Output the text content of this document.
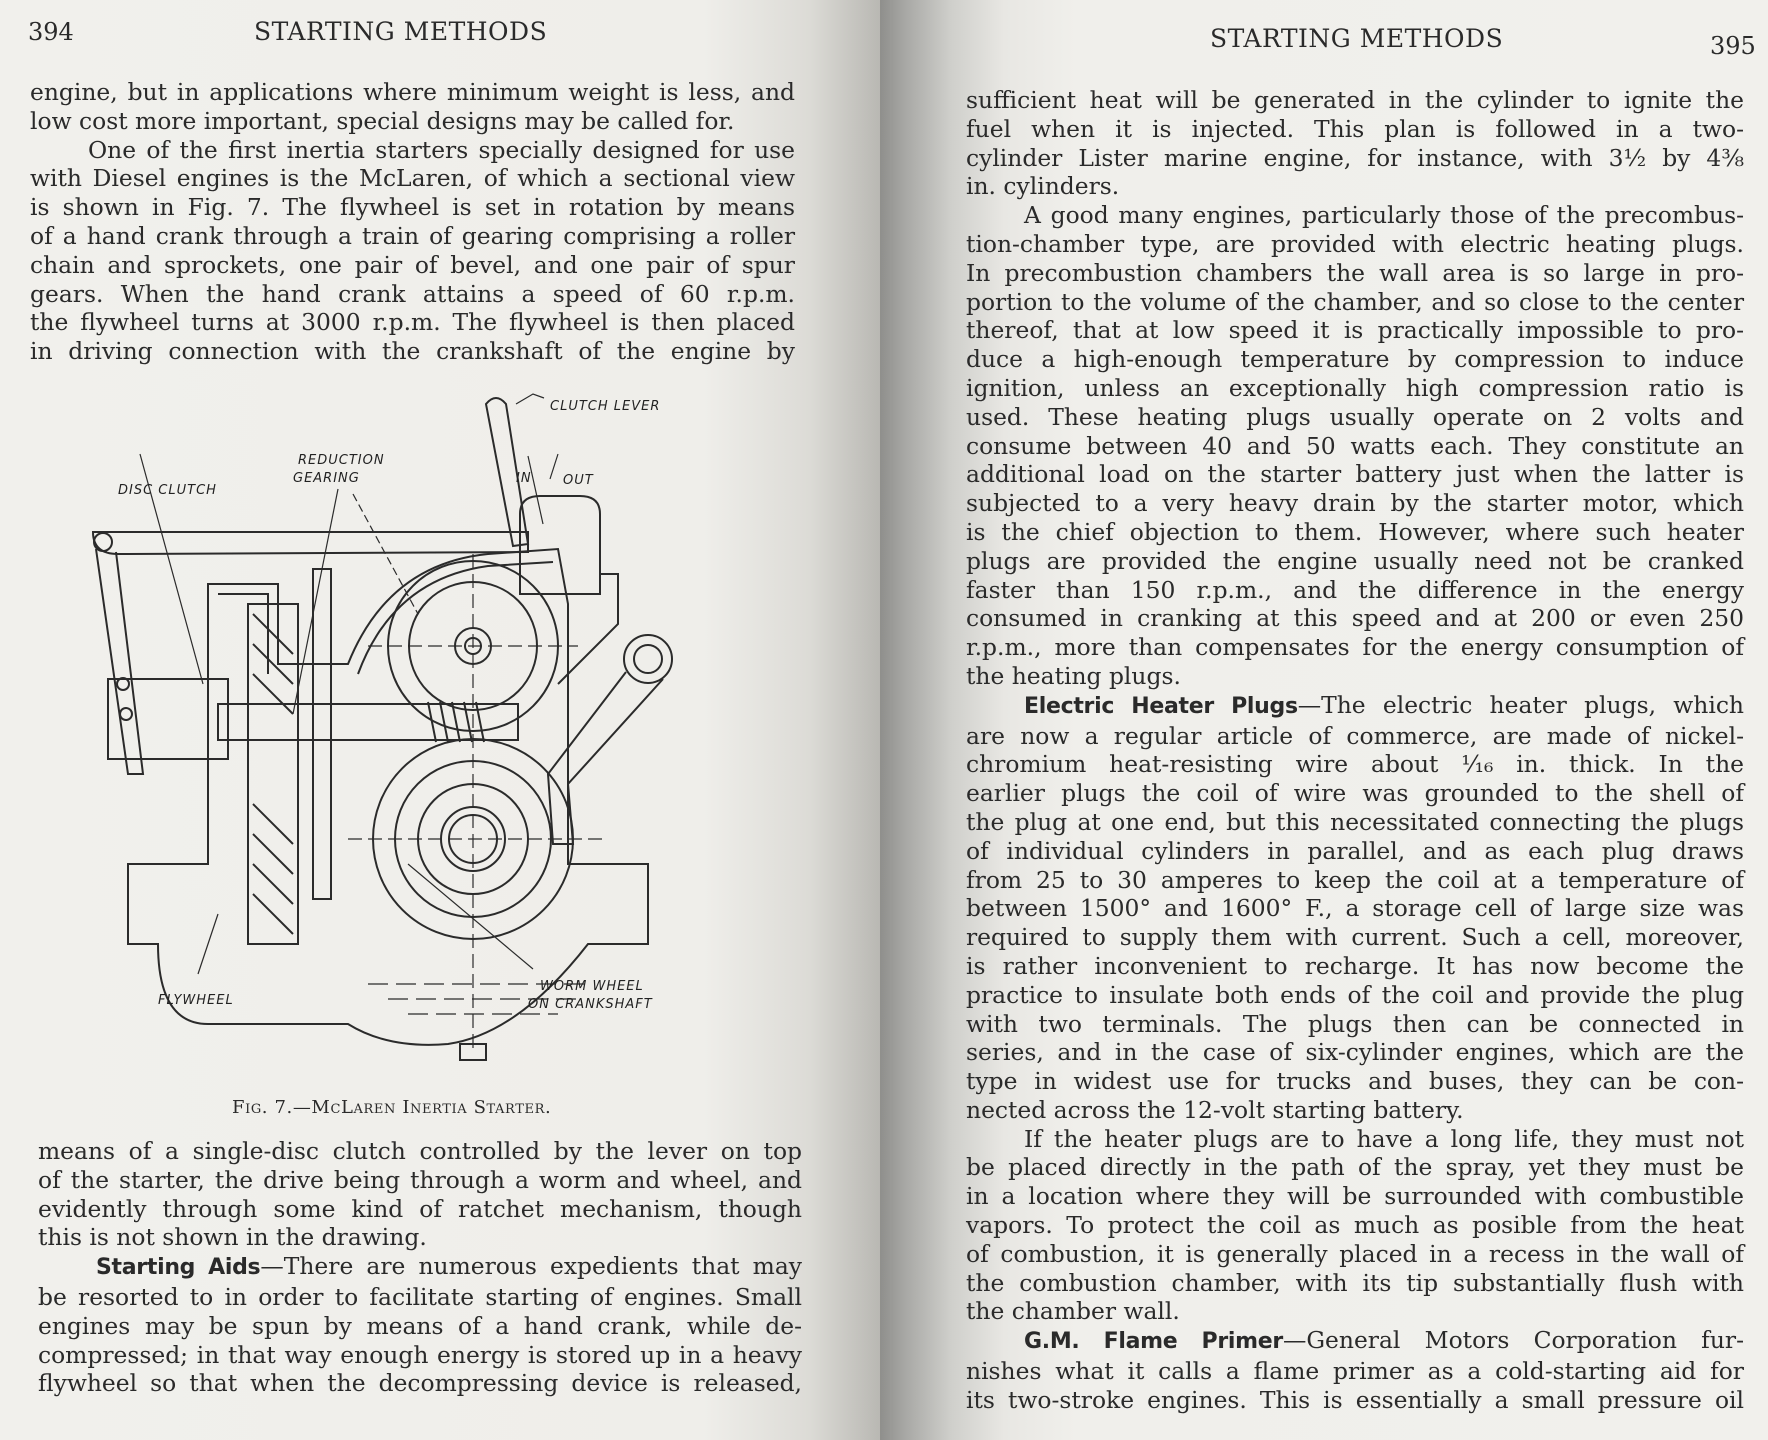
394	STARTING METHODS

engine, but in applications where minimum weight is less, and

low cost more important, special designs may be called for.

One of the first inertia starters specially designed for use

with Diesel engines is the McLaren, of which a sectional view

is shown in Fig. 7. The flywheel is set in rotation by means

of a hand crank through a train of gearing comprising a roller

chain and sprockets, one pair of bevel, and one pair of spur

gears. When the hand crank attains a speed of 60 r.p.m.

the flywheel turns at 3000 r.p.m. The flywheel is then placed

in driving connection with the crankshaft of the engine by

CLUTCH LEVER
REDUCTION
GEARING
DISC CLUTCH
IN OUT
FLYWHEEL
WORM WHEEL
ON CRANKSHAFT
Fig. 7.—McLaren Inertia Starter.

means of a single-disc clutch controlled by the lever on top

of the starter, the drive being through a worm and wheel, and

evidently through some kind of ratchet mechanism, though

this is not shown in the drawing.

Starting Aids—There are numerous expedients that may

be resorted to in order to facilitate starting of engines. Small

engines may be spun by means of a hand crank, while de-

compressed; in that way enough energy is stored up in a heavy

flywheel so that when the decompressing device is released,

STARTING METHODS	395

sufficient heat will be generated in the cylinder to ignite the

fuel when it is injected. This plan is followed in a two-

cylinder Lister marine engine, for instance, with 3½ by 4⅜

in. cylinders.

A good many engines, particularly those of the precombus-

tion-chamber type, are provided with electric heating plugs.

In precombustion chambers the wall area is so large in pro-

portion to the volume of the chamber, and so close to the center

thereof, that at low speed it is practically impossible to pro-

duce a high-enough temperature by compression to induce

ignition, unless an exceptionally high compression ratio is

used. These heating plugs usually operate on 2 volts and

consume between 40 and 50 watts each. They constitute an

additional load on the starter battery just when the latter is

subjected to a very heavy drain by the starter motor, which

is the chief objection to them. However, where such heater

plugs are provided the engine usually need not be cranked

faster than 150 r.p.m., and the difference in the energy

consumed in cranking at this speed and at 200 or even 250

r.p.m., more than compensates for the energy consumption of

the heating plugs.

Electric Heater Plugs—The electric heater plugs, which

are now a regular article of commerce, are made of nickel-

chromium heat-resisting wire about ⅟₁₆ in. thick. In the

earlier plugs the coil of wire was grounded to the shell of

the plug at one end, but this necessitated connecting the plugs

of individual cylinders in parallel, and as each plug draws

from 25 to 30 amperes to keep the coil at a temperature of

between 1500° and 1600° F., a storage cell of large size was

required to supply them with current. Such a cell, moreover,

is rather inconvenient to recharge. It has now become the

practice to insulate both ends of the coil and provide the plug

with two terminals. The plugs then can be connected in

series, and in the case of six-cylinder engines, which are the

type in widest use for trucks and buses, they can be con-

nected across the 12-volt starting battery.

If the heater plugs are to have a long life, they must not

be placed directly in the path of the spray, yet they must be

in a location where they will be surrounded with combustible

vapors. To protect the coil as much as posible from the heat

of combustion, it is generally placed in a recess in the wall of

the combustion chamber, with its tip substantially flush with

the chamber wall.

G.M. Flame Primer—General Motors Corporation fur-

nishes what it calls a flame primer as a cold-starting aid for

its two-stroke engines. This is essentially a small pressure oil
